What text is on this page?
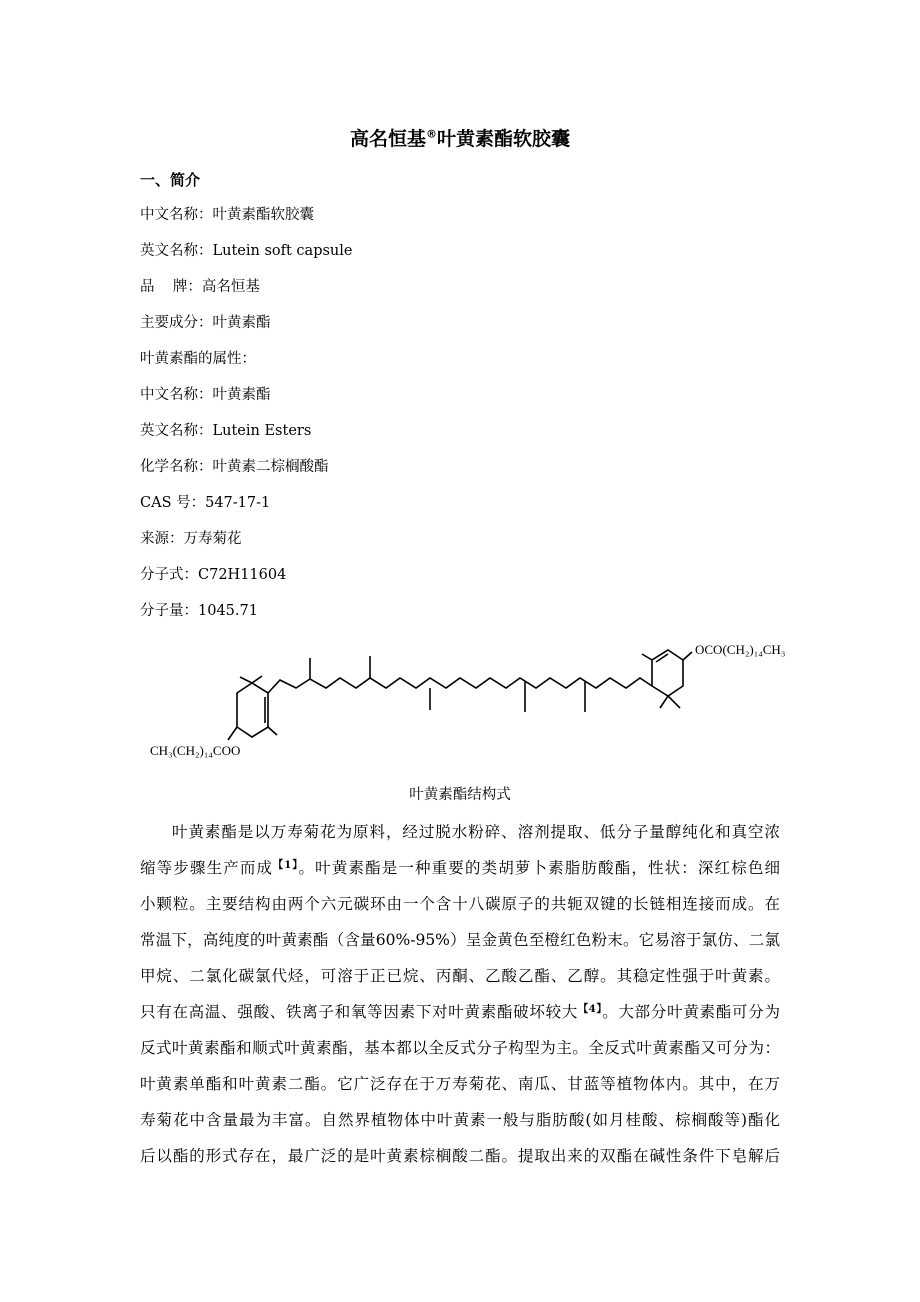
高名恒基®叶黄素酯软胶囊
一、简介
中文名称：叶黄素酯软胶囊
英文名称：Lutein soft capsule
品    牌：高名恒基
主要成分：叶黄素酯
叶黄素酯的属性：
中文名称：叶黄素酯
英文名称：Lutein Esters
化学名称：叶黄素二棕榈酸酯
CAS 号：547-17-1
来源：万寿菊花
分子式：C72H11604
分子量：1045.71
OCO(CH₂)₁₄CH₃
CH₃(CH₂)₁₄COO
叶黄素酯结构式
叶黄素酯是以万寿菊花为原料，经过脱水粉碎、溶剂提取、低分子量醇纯化和真空浓
缩等步骤生产而成$^{【1】}$。叶黄素酯是一种重要的类胡萝卜素脂肪酸酯，性状：深红棕色细
小颗粒。主要结构由两个六元碳环由一个含十八碳原子的共轭双键的长链相连接而成。在
常温下，高纯度的叶黄素酯（含量60%-95%）呈金黄色至橙红色粉末。它易溶于氯仿、二氯
甲烷、二氯化碳氯代烃，可溶于正已烷、丙酮、乙酸乙酯、乙醇。其稳定性强于叶黄素。
只有在高温、强酸、铁离子和氧等因素下对叶黄素酯破坏较大$^{【4】}$。大部分叶黄素酯可分为
反式叶黄素酯和顺式叶黄素酯，基本都以全反式分子构型为主。全反式叶黄素酯又可分为：
叶黄素单酯和叶黄素二酯。它广泛存在于万寿菊花、南瓜、甘蓝等植物体内。其中，在万
寿菊花中含量最为丰富。自然界植物体中叶黄素一般与脂肪酸(如月桂酸、棕榈酸等)酯化
后以酯的形式存在，最广泛的是叶黄素棕榈酸二酯。提取出来的双酯在碱性条件下皂解后
